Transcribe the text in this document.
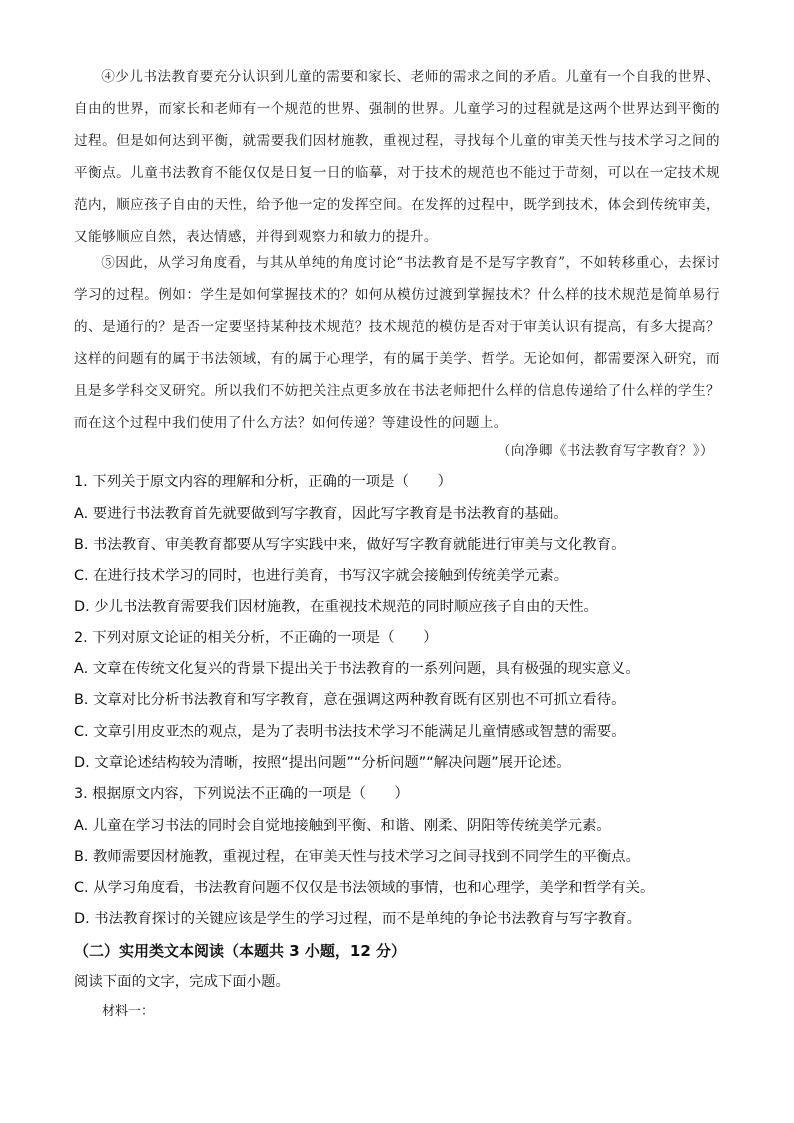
④少儿书法教育要充分认识到儿童的需要和家长、老师的需求之间的矛盾。儿童有一个自我的世界、自由的世界，而家长和老师有一个规范的世界、强制的世界。儿童学习的过程就是这两个世界达到平衡的过程。但是如何达到平衡，就需要我们因材施教，重视过程，寻找每个儿童的审美天性与技术学习之间的平衡点。儿童书法教育不能仅仅是日复一日的临摹，对于技术的规范也不能过于苛刻，可以在一定技术规范内，顺应孩子自由的天性，给予他一定的发挥空间。在发挥的过程中，既学到技术，体会到传统审美，又能够顺应自然，表达情感，并得到观察力和敏力的提升。

⑤因此，从学习角度看，与其从单纯的角度讨论“书法教育是不是写字教育”，不如转移重心，去探讨学习的过程。例如：学生是如何掌握技术的？如何从模仿过渡到掌握技术？什么样的技术规范是简单易行的、是通行的？是否一定要坚持某种技术规范？技术规范的模仿是否对于审美认识有提高，有多大提高？这样的问题有的属于书法领域，有的属于心理学，有的属于美学、哲学。无论如何，都需要深入研究，而且是多学科交叉研究。所以我们不妨把关注点更多放在书法老师把什么样的信息传递给了什么样的学生？而在这个过程中我们使用了什么方法？如何传递？等建设性的问题上。

（向净卿《书法教育写字教育？》）
1. 下列关于原文内容的理解和分析，正确的一项是（　　）
A. 要进行书法教育首先就要做到写字教育，因此写字教育是书法教育的基础。
B. 书法教育、审美教育都要从写字实践中来，做好写字教育就能进行审美与文化教育。
C. 在进行技术学习的同时，也进行美育，书写汉字就会接触到传统美学元素。
D. 少儿书法教育需要我们因材施教，在重视技术规范的同时顺应孩子自由的天性。
2. 下列对原文论证的相关分析，不正确的一项是（　　）
A. 文章在传统文化复兴的背景下提出关于书法教育的一系列问题，具有极强的现实意义。
B. 文章对比分析书法教育和写字教育，意在强调这两种教育既有区别也不可抓立看待。
C. 文章引用皮亚杰的观点，是为了表明书法技术学习不能满足儿童情感或智慧的需要。
D. 文章论述结构较为清晰，按照“提出问题”“分析问题”“解决问题”展开论述。
3. 根据原文内容，下列说法不正确的一项是（　　）
A. 儿童在学习书法的同时会自觉地接触到平衡、和谐、刚柔、阴阳等传统美学元素。
B. 教师需要因材施教，重视过程，在审美天性与技术学习之间寻找到不同学生的平衡点。
C. 从学习角度看，书法教育问题不仅仅是书法领域的事情，也和心理学，美学和哲学有关。
D. 书法教育探讨的关键应该是学生的学习过程，而不是单纯的争论书法教育与写字教育。
（二）实用类文本阅读（本题共 3 小题，12 分）
阅读下面的文字，完成下面小题。
材料一：
